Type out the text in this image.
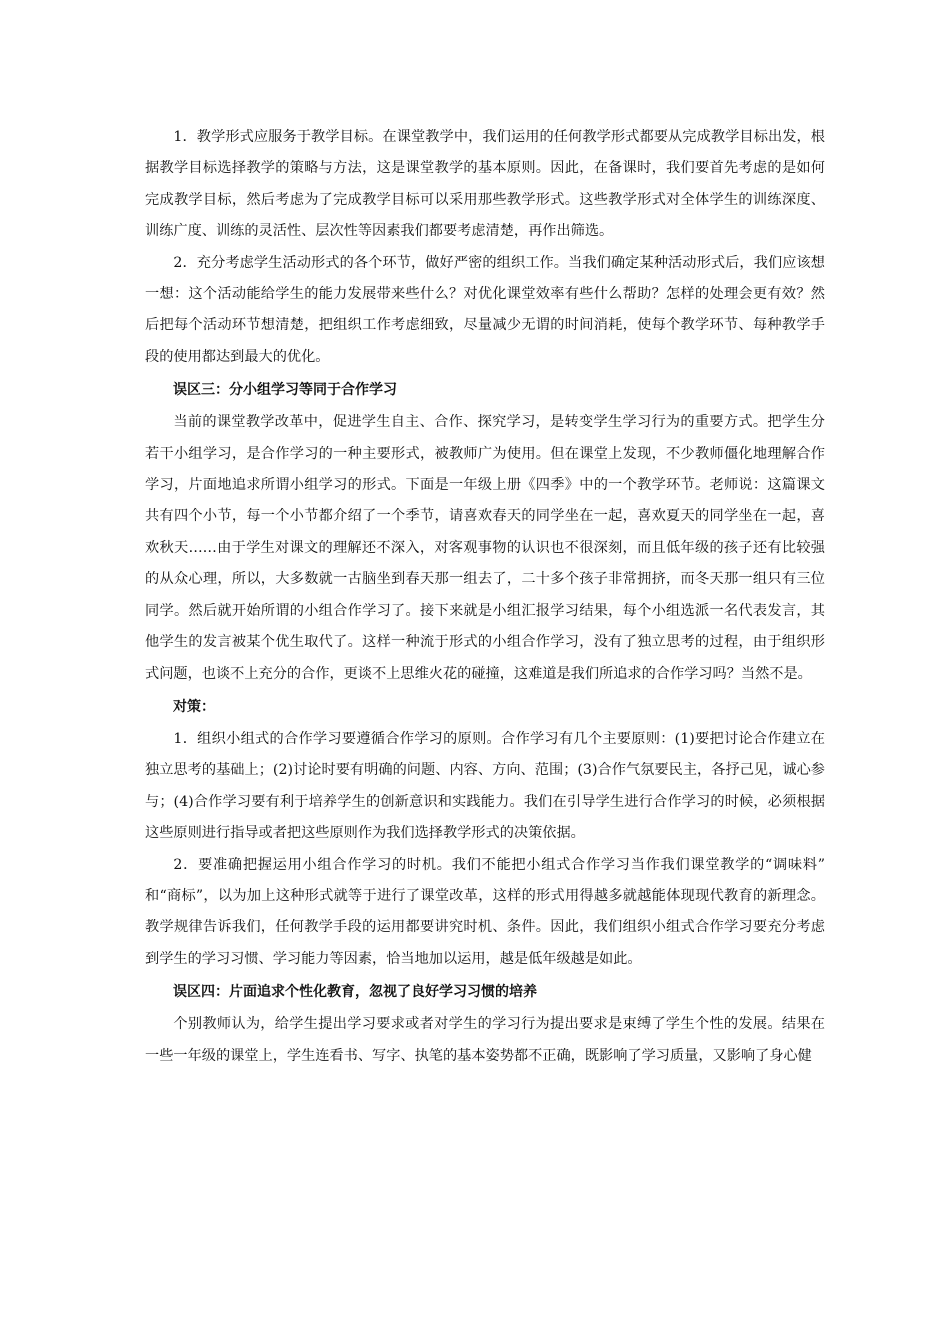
1．教学形式应服务于教学目标。在课堂教学中，我们运用的任何教学形式都要从完成教学目标出发，根据教学目标选择教学的策略与方法，这是课堂教学的基本原则。因此，在备课时，我们要首先考虑的是如何完成教学目标，然后考虑为了完成教学目标可以采用那些教学形式。这些教学形式对全体学生的训练深度、训练广度、训练的灵活性、层次性等因素我们都要考虑清楚，再作出筛选。

2．充分考虑学生活动形式的各个环节，做好严密的组织工作。当我们确定某种活动形式后，我们应该想一想：这个活动能给学生的能力发展带来些什么？对优化课堂效率有些什么帮助？怎样的处理会更有效？然后把每个活动环节想清楚，把组织工作考虑细致，尽量减少无谓的时间消耗，使每个教学环节、每种教学手段的使用都达到最大的优化。

误区三：分小组学习等同于合作学习

当前的课堂教学改革中，促进学生自主、合作、探究学习，是转变学生学习行为的重要方式。把学生分若干小组学习，是合作学习的一种主要形式，被教师广为使用。但在课堂上发现，不少教师僵化地理解合作学习，片面地追求所谓小组学习的形式。下面是一年级上册《四季》中的一个教学环节。老师说：这篇课文共有四个小节，每一个小节都介绍了一个季节，请喜欢春天的同学坐在一起，喜欢夏天的同学坐在一起，喜欢秋天……由于学生对课文的理解还不深入，对客观事物的认识也不很深刻，而且低年级的孩子还有比较强的从众心理，所以，大多数就一古脑坐到春天那一组去了，二十多个孩子非常拥挤，而冬天那一组只有三位同学。然后就开始所谓的小组合作学习了。接下来就是小组汇报学习结果，每个小组选派一名代表发言，其他学生的发言被某个优生取代了。这样一种流于形式的小组合作学习，没有了独立思考的过程，由于组织形式问题，也谈不上充分的合作，更谈不上思维火花的碰撞，这难道是我们所追求的合作学习吗？当然不是。

对策：

1．组织小组式的合作学习要遵循合作学习的原则。合作学习有几个主要原则：(1)要把讨论合作建立在独立思考的基础上；(2)讨论时要有明确的问题、内容、方向、范围；(3)合作气氛要民主，各抒己见，诚心参与；(4)合作学习要有利于培养学生的创新意识和实践能力。我们在引导学生进行合作学习的时候，必须根据这些原则进行指导或者把这些原则作为我们选择教学形式的决策依据。

2．要准确把握运用小组合作学习的时机。我们不能把小组式合作学习当作我们课堂教学的“调味料” 和“商标”，以为加上这种形式就等于进行了课堂改革，这样的形式用得越多就越能体现现代教育的新理念。教学规律告诉我们，任何教学手段的运用都要讲究时机、条件。因此，我们组织小组式合作学习要充分考虑到学生的学习习惯、学习能力等因素，恰当地加以运用，越是低年级越是如此。

误区四：片面追求个性化教育，忽视了良好学习习惯的培养

个别教师认为，给学生提出学习要求或者对学生的学习行为提出要求是束缚了学生个性的发展。结果在一些一年级的课堂上，学生连看书、写字、执笔的基本姿势都不正确，既影响了学习质量，又影响了身心健
